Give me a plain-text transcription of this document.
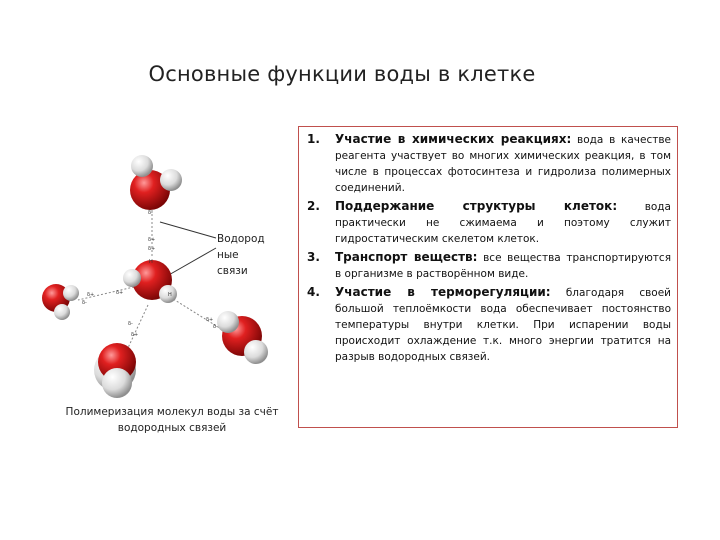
Основные функции воды в клетке
δ-
δ+
δ+
H
H
δ+	δ+
δ-
δ-
δ+
δ+
δ-
Водород
ные
связи
Полимеризация молекул воды за счёт
водородных связей
1. Участие в химических реакциях: вода в качестве реагента участвует во многих химических реакция, в том числе в процессах фотосинтеза и гидролиза полимерных соединений.
2. Поддержание структуры клеток:	вода практически не сжимаема и поэтому служит гидростатическим скелетом клеток.
3. Транспорт веществ: все вещества транспортируются в организме в растворённом виде.
4. Участие в терморегуляции: благодаря своей большой теплоёмкости вода обеспечивает постоянство температуры внутри клетки. При испарении воды происходит охлаждение т.к. много энергии тратится на разрыв водородных связей.
